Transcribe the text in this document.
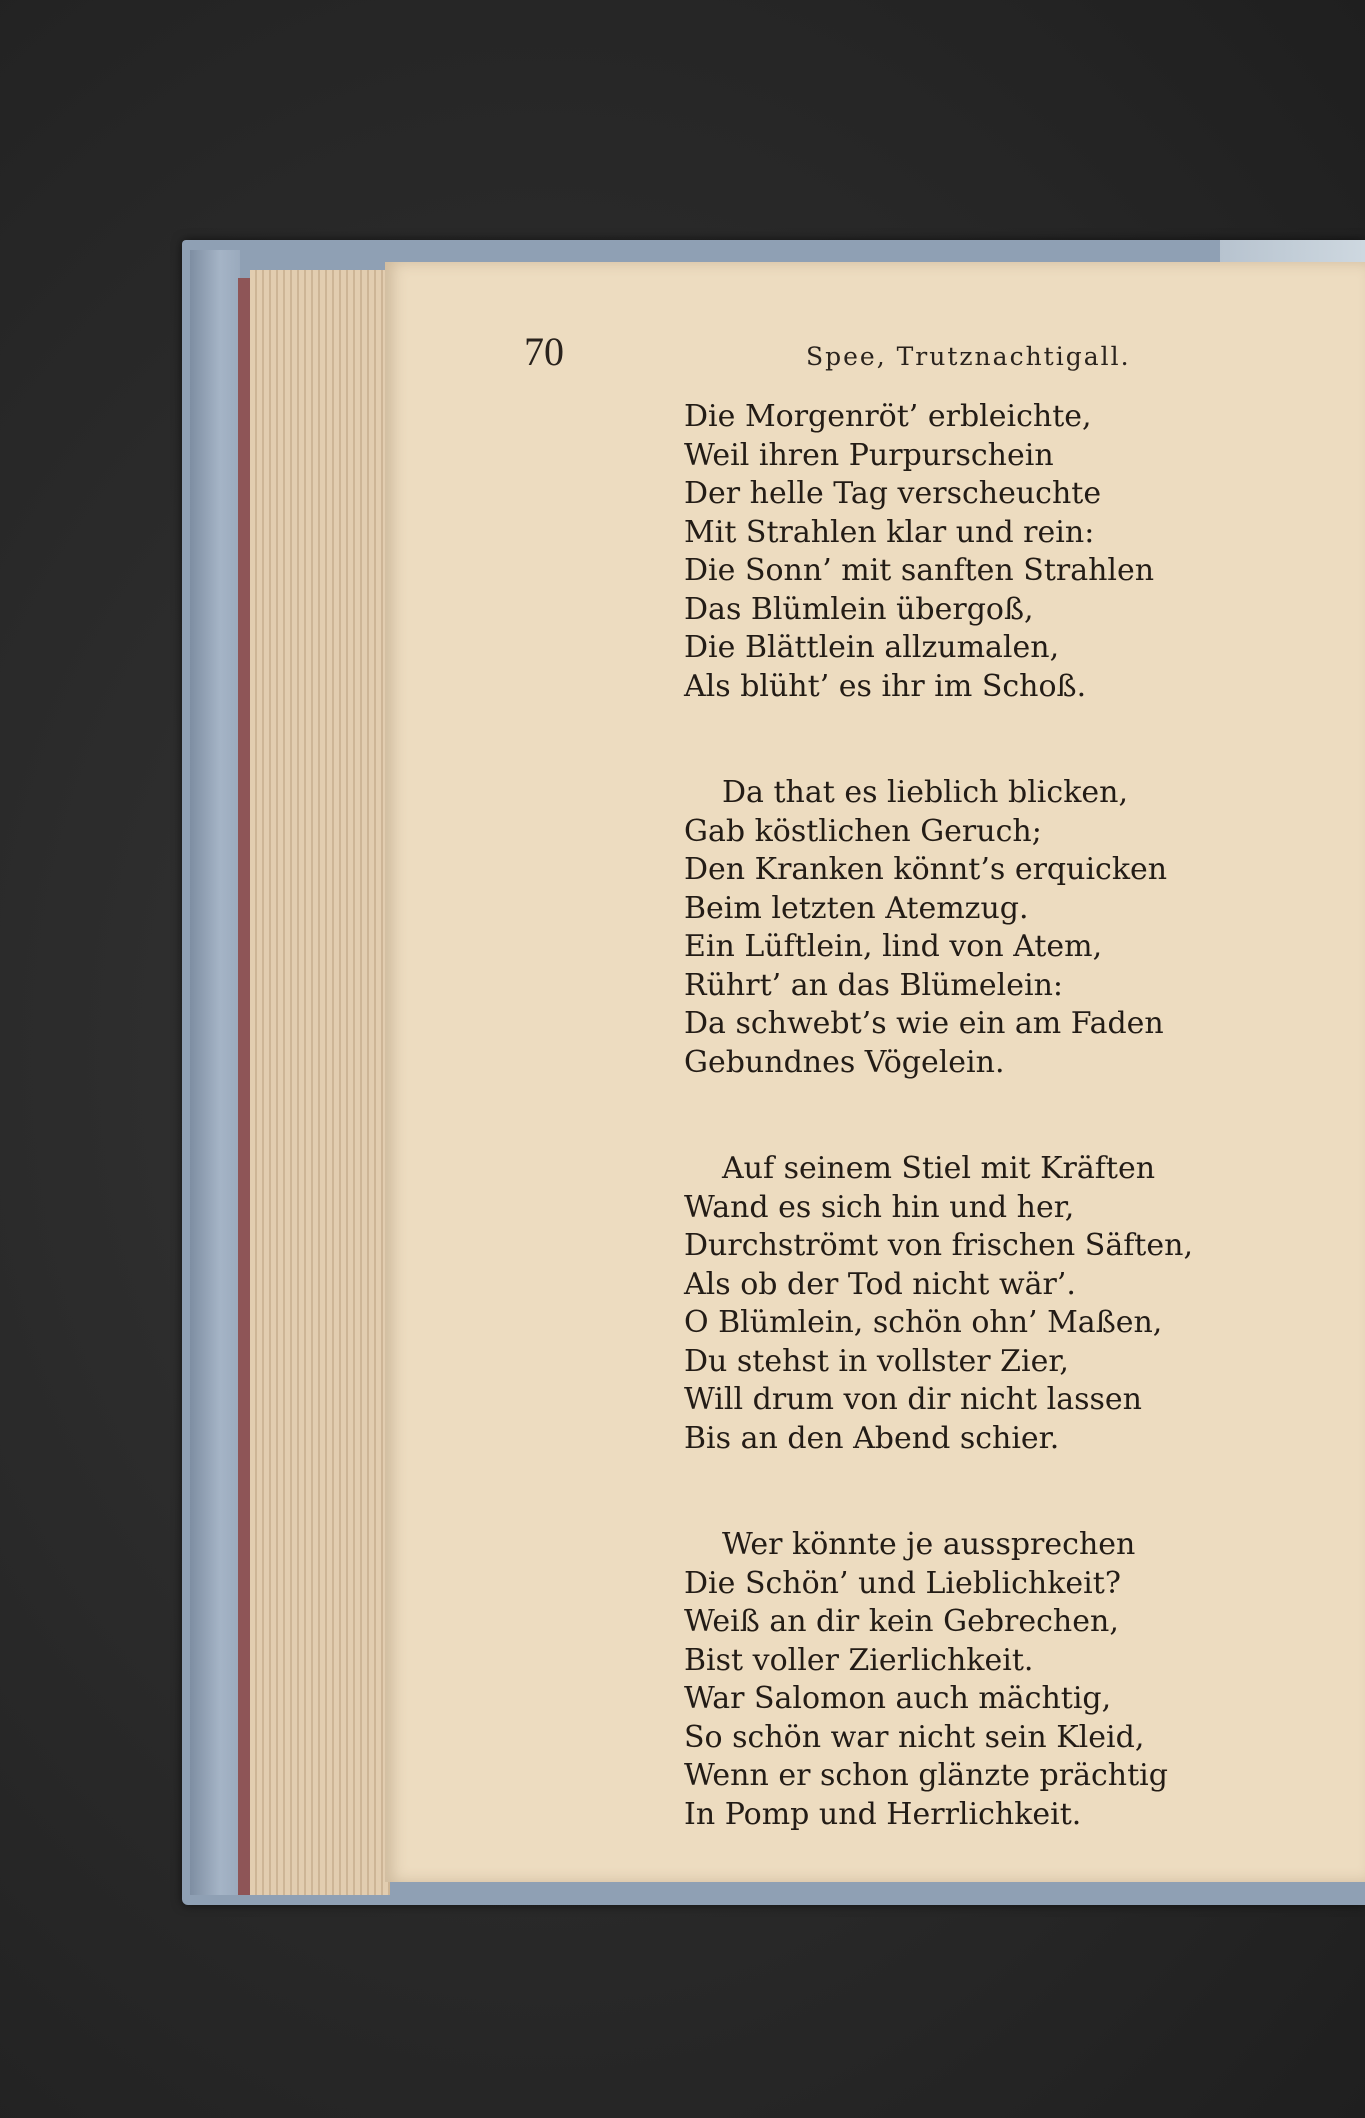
70	Spee, Trutznachtigall.
Die Morgenröt’ erbleichte,
Weil ihren Purpurschein
Der helle Tag verscheuchte
Mit Strahlen klar und rein:
Die Sonn’ mit sanften Strahlen
Das Blümlein übergoß,
Die Blättlein allzumalen,
Als blüht’ es ihr im Schoß.
Da that es lieblich blicken,
Gab köstlichen Geruch;
Den Kranken könnt’s erquicken
Beim letzten Atemzug.
Ein Lüftlein, lind von Atem,
Rührt’ an das Blümelein:
Da schwebt’s wie ein am Faden
Gebundnes Vögelein.
Auf seinem Stiel mit Kräften
Wand es sich hin und her,
Durchströmt von frischen Säften,
Als ob der Tod nicht wär’.
O Blümlein, schön ohn’ Maßen,
Du stehst in vollster Zier,
Will drum von dir nicht lassen
Bis an den Abend schier.
Wer könnte je aussprechen
Die Schön’ und Lieblichkeit?
Weiß an dir kein Gebrechen,
Bist voller Zierlichkeit.
War Salomon auch mächtig,
So schön war nicht sein Kleid,
Wenn er schon glänzte prächtig
In Pomp und Herrlichkeit.
